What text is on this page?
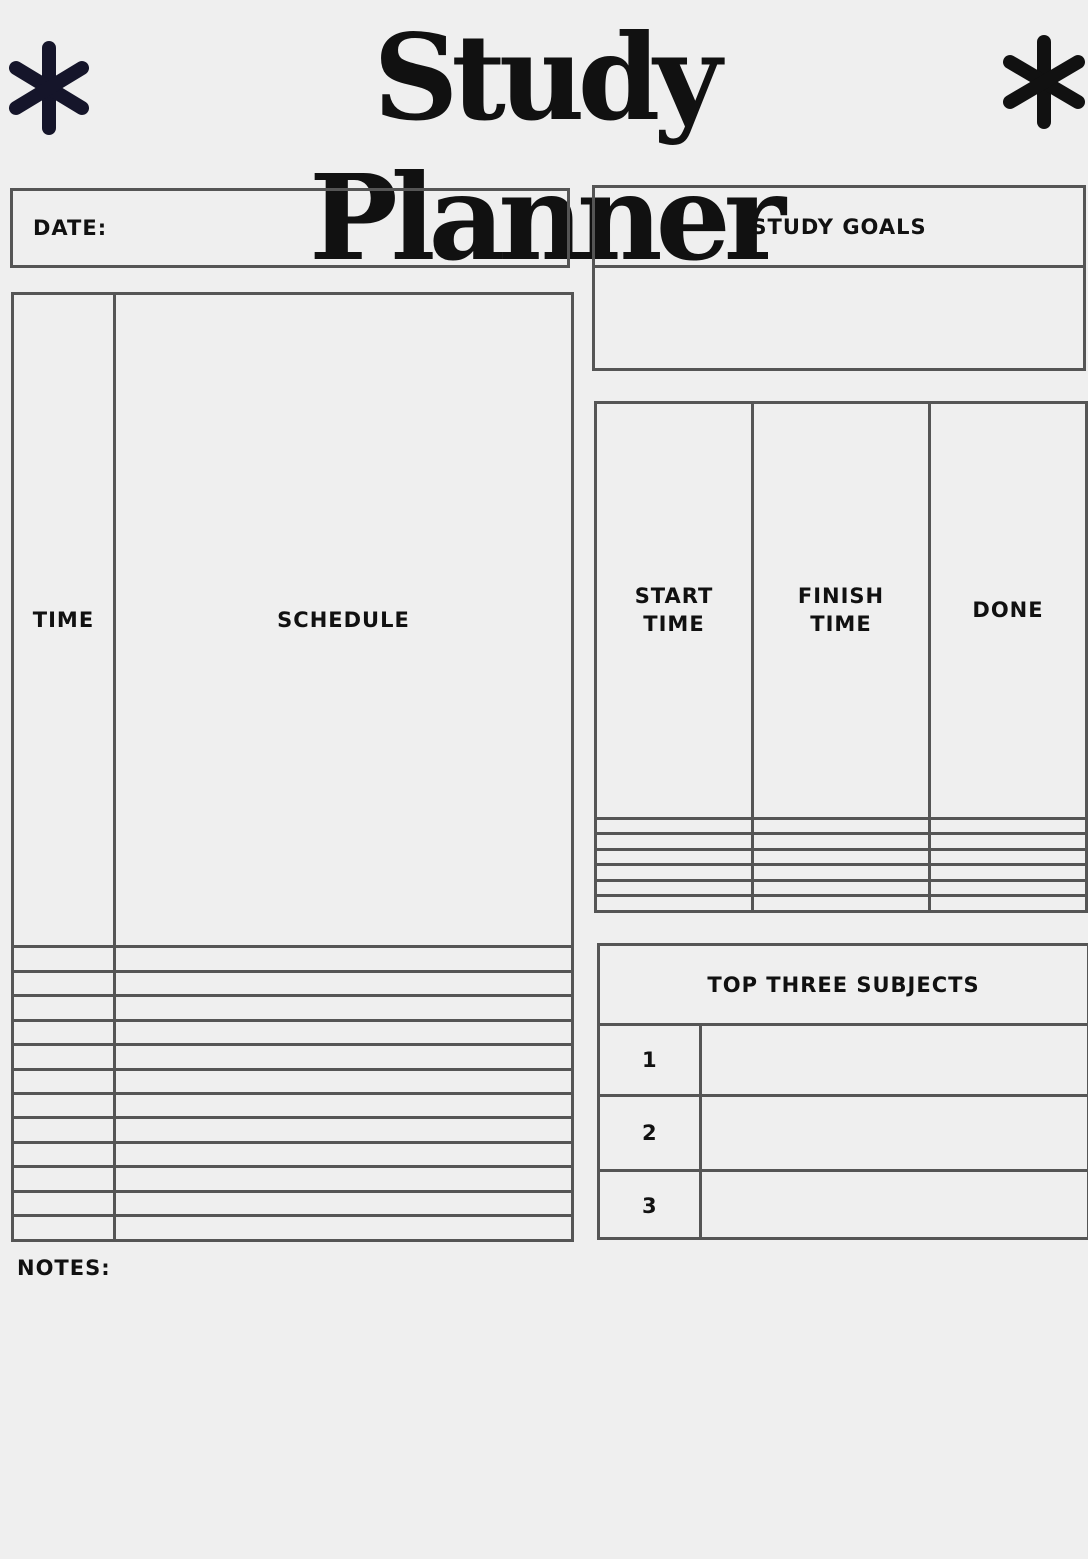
Study Planner
DATE:
TIME	SCHEDULE

STUDY GOALS
START TIME	FINISH TIME	DONE

TOP THREE SUBJECTS
1	
2	
3	
NOTES:
